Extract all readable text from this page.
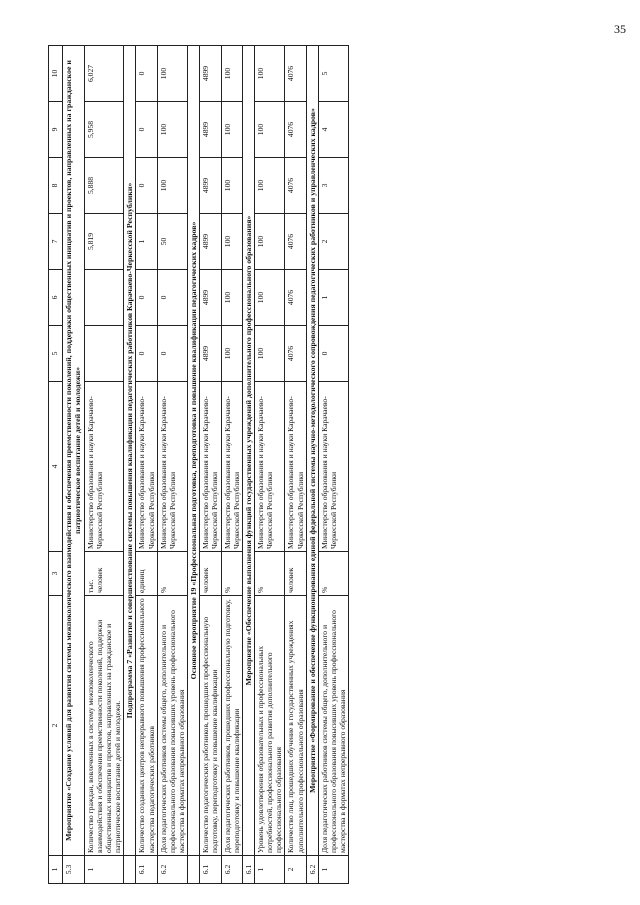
35
1	2	3	4	5	6	7	8	9	10
5.3	Мероприятие «Создание условий для развития системы межпоколенческого взаимодействия и обеспечения преемственности поколений, поддержки общественных инициатив и проектов, направленных на гражданское и патриотическое воспитание детей и молодежи»								
1	Количество граждан, вовлеченных в систему межпоколенческого взаимодействия и обеспечения преемственности поколений, поддержки общественных инициатив и проектов, направленных на гражданское и патриотическое воспитание детей и молодежи.	тыс. человек	Министерство образования и науки Карачаево-Черкесской Республики			5,819	5,888	5,958	6,027
	Подпрограмма 7 «Развитие и совершенствование системы повышения квалификации педагогических работников Карачаево-Черкесской Республики»								
6.1	Количество созданных центров непрерывного повышения профессионального мастерства педагогических работников	единиц	Министерство образования и науки Карачаево-Черкесской Республики	0	0	1	0	0	0
6.2	Доля педагогических работников системы общего, дополнительного и профессионального образования повысивших уровень профессионального мастерства в форматах непрерывного образования	%	Министерство образования и науки Карачаево-Черкесской Республики	0	0	50	100	100	100
	Основное мероприятие 19 «Профессиональная подготовка, переподготовка и повышение квалификации педагогических кадров»								
6.1	Количество педагогических работников, прошедших профессиональную подготовку, переподготовку и повышение квалификации	человек	Министерство образования и науки Карачаево-Черкесской Республики	4899	4899	4899	4899	4899	4899
6.2	Доля педагогических работников, прошедших профессиональную подготовку, переподготовку и повышение квалификации	%	Министерство образования и науки Карачаево-Черкесской Республики	100	100	100	100	100	100
6.1	Мероприятие «Обеспечение выполнения функций государственных учреждений дополнительного профессионального образования»								
1	Уровень удовлетворения образовательных и профессиональных потребностей, профессионального развития дополнительного профессионального образования	%	Министерство образования и науки Карачаево-Черкесской Республики	100	100	100	100	100	100
2	Количество лиц, прошедших обучение в государственных учреждениях дополнительного профессионального образования	человек	Министерство образования и науки Карачаево-Черкесской Республики	4076	4076	4076	4076	4076	4076
6.2	Мероприятие «Формирование и обеспечение функционирования единой федеральной системы научно-методологического сопровождения педагогических работников и управленческих кадров»								
1	Доля педагогических работников системы общего, дополнительного и профессионального образования повысивших уровень профессионального мастерства в форматах непрерывного образования	%	Министерство образования и науки Карачаево-Черкесской Республики	0	1	2	3	4	5
